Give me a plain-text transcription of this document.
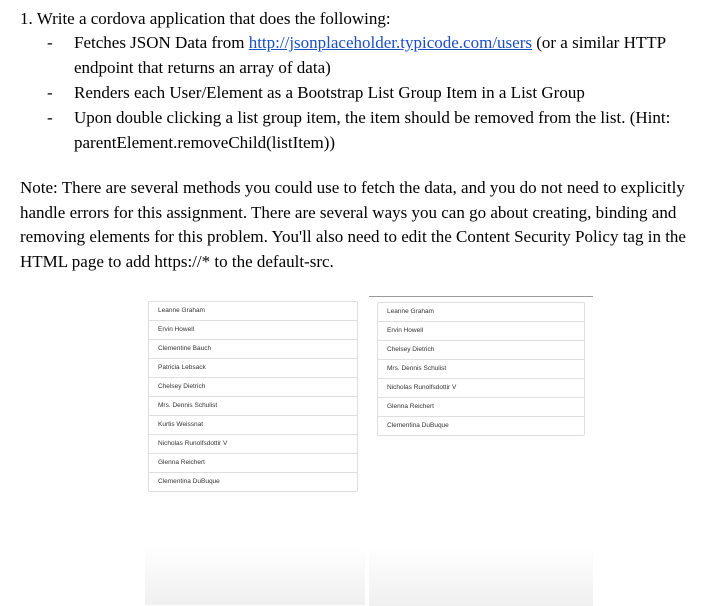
1. Write a cordova application that does the following:
- Fetches JSON Data from http://jsonplaceholder.typicode.com/users (or a similar HTTP endpoint that returns an array of data)
- Renders each User/Element as a Bootstrap List Group Item in a List Group
- Upon double clicking a list group item, the item should be removed from the list. (Hint: parentElement.removeChild(listItem))
Note: There are several methods you could use to fetch the data, and you do not need to explicitly handle errors for this assignment. There are several ways you can go about creating, binding and removing elements for this problem. You'll also need to edit the Content Security Policy tag in the HTML page to add https://* to the default-src.
Leanne Graham
Ervin Howell
Clementine Bauch
Patricia Lebsack
Chelsey Dietrich
Mrs. Dennis Schulist
Kurtis Weissnat
Nicholas Runolfsdottir V
Glenna Reichert
Clementina DuBuque
Leanne Graham
Ervin Howell
Chelsey Dietrich
Mrs. Dennis Schulist
Nicholas Runolfsdottir V
Glenna Reichert
Clementina DuBuque
